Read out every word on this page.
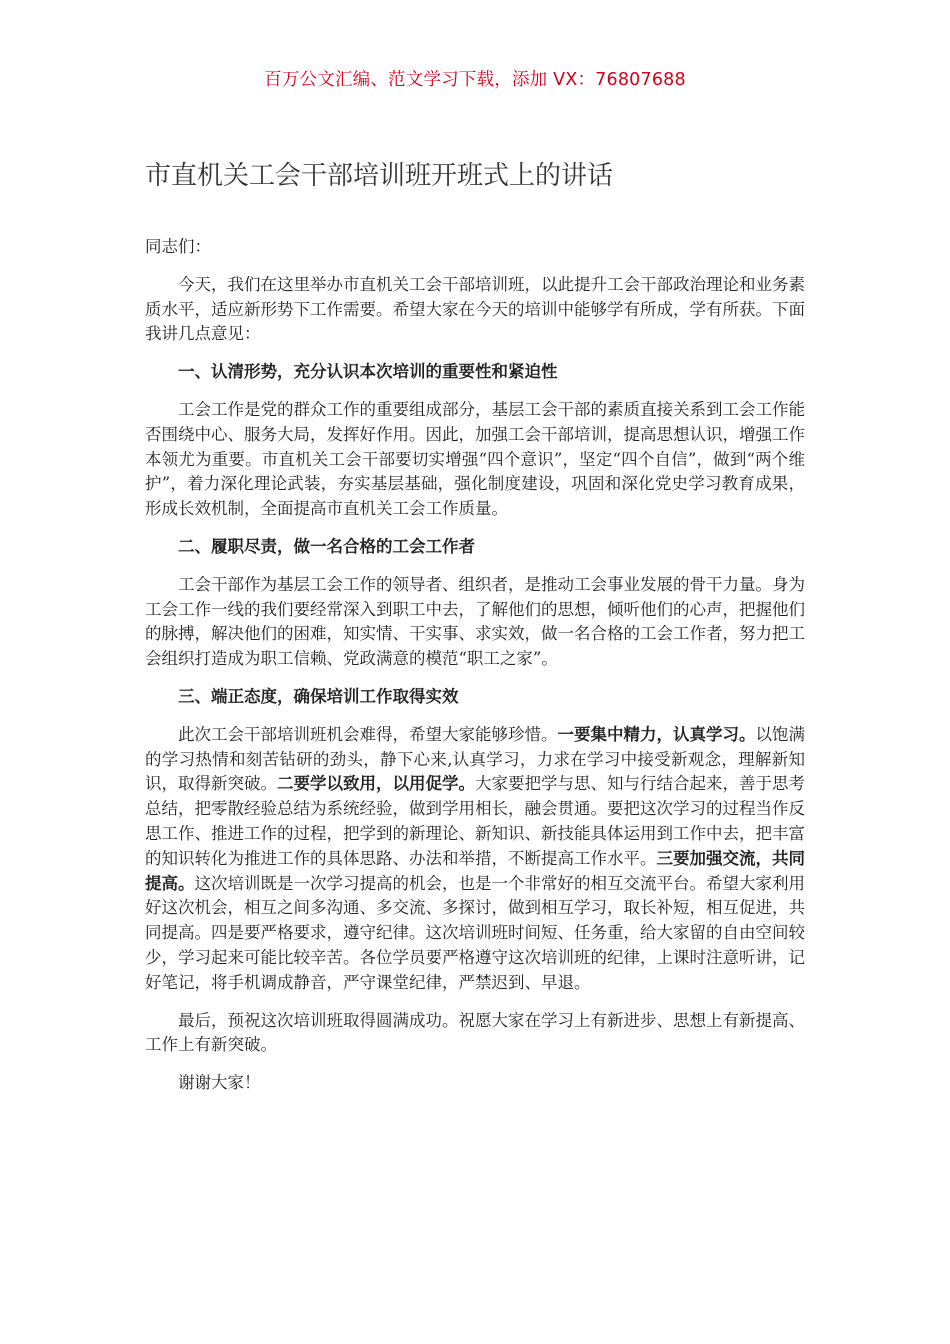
百万公文汇编、范文学习下载，添加 VX：76807688
市直机关工会干部培训班开班式上的讲话

同志们：

今天，我们在这里举办市直机关工会干部培训班，以此提升工会干部政治理论和业务素质水平，适应新形势下工作需要。希望大家在今天的培训中能够学有所成，学有所获。下面我讲几点意见：

一、认清形势，充分认识本次培训的重要性和紧迫性

工会工作是党的群众工作的重要组成部分，基层工会干部的素质直接关系到工会工作能否围绕中心、服务大局，发挥好作用。因此，加强工会干部培训，提高思想认识，增强工作本领尤为重要。市直机关工会干部要切实增强“四个意识”，坚定“四个自信”，做到“两个维护”，着力深化理论武装，夯实基层基础，强化制度建设，巩固和深化党史学习教育成果，形成长效机制，全面提高市直机关工会工作质量。

二、履职尽责，做一名合格的工会工作者

工会干部作为基层工会工作的领导者、组织者，是推动工会事业发展的骨干力量。身为工会工作一线的我们要经常深入到职工中去，了解他们的思想，倾听他们的心声，把握他们的脉搏，解决他们的困难，知实情、干实事、求实效，做一名合格的工会工作者，努力把工会组织打造成为职工信赖、党政满意的模范“职工之家”。

三、端正态度，确保培训工作取得实效

此次工会干部培训班机会难得，希望大家能够珍惜。一要集中精力，认真学习。以饱满的学习热情和刻苦钻研的劲头，静下心来,认真学习，力求在学习中接受新观念，理解新知识，取得新突破。二要学以致用，以用促学。大家要把学与思、知与行结合起来，善于思考总结，把零散经验总结为系统经验，做到学用相长，融会贯通。要把这次学习的过程当作反思工作、推进工作的过程，把学到的新理论、新知识、新技能具体运用到工作中去，把丰富的知识转化为推进工作的具体思路、办法和举措，不断提高工作水平。三要加强交流，共同提高。这次培训既是一次学习提高的机会，也是一个非常好的相互交流平台。希望大家利用好这次机会，相互之间多沟通、多交流、多探讨，做到相互学习，取长补短，相互促进，共同提高。四是要严格要求，遵守纪律。这次培训班时间短、任务重，给大家留的自由空间较少，学习起来可能比较辛苦。各位学员要严格遵守这次培训班的纪律，上课时注意听讲，记好笔记，将手机调成静音，严守课堂纪律，严禁迟到、早退。

最后，预祝这次培训班取得圆满成功。祝愿大家在学习上有新进步、思想上有新提高、工作上有新突破。

谢谢大家！
